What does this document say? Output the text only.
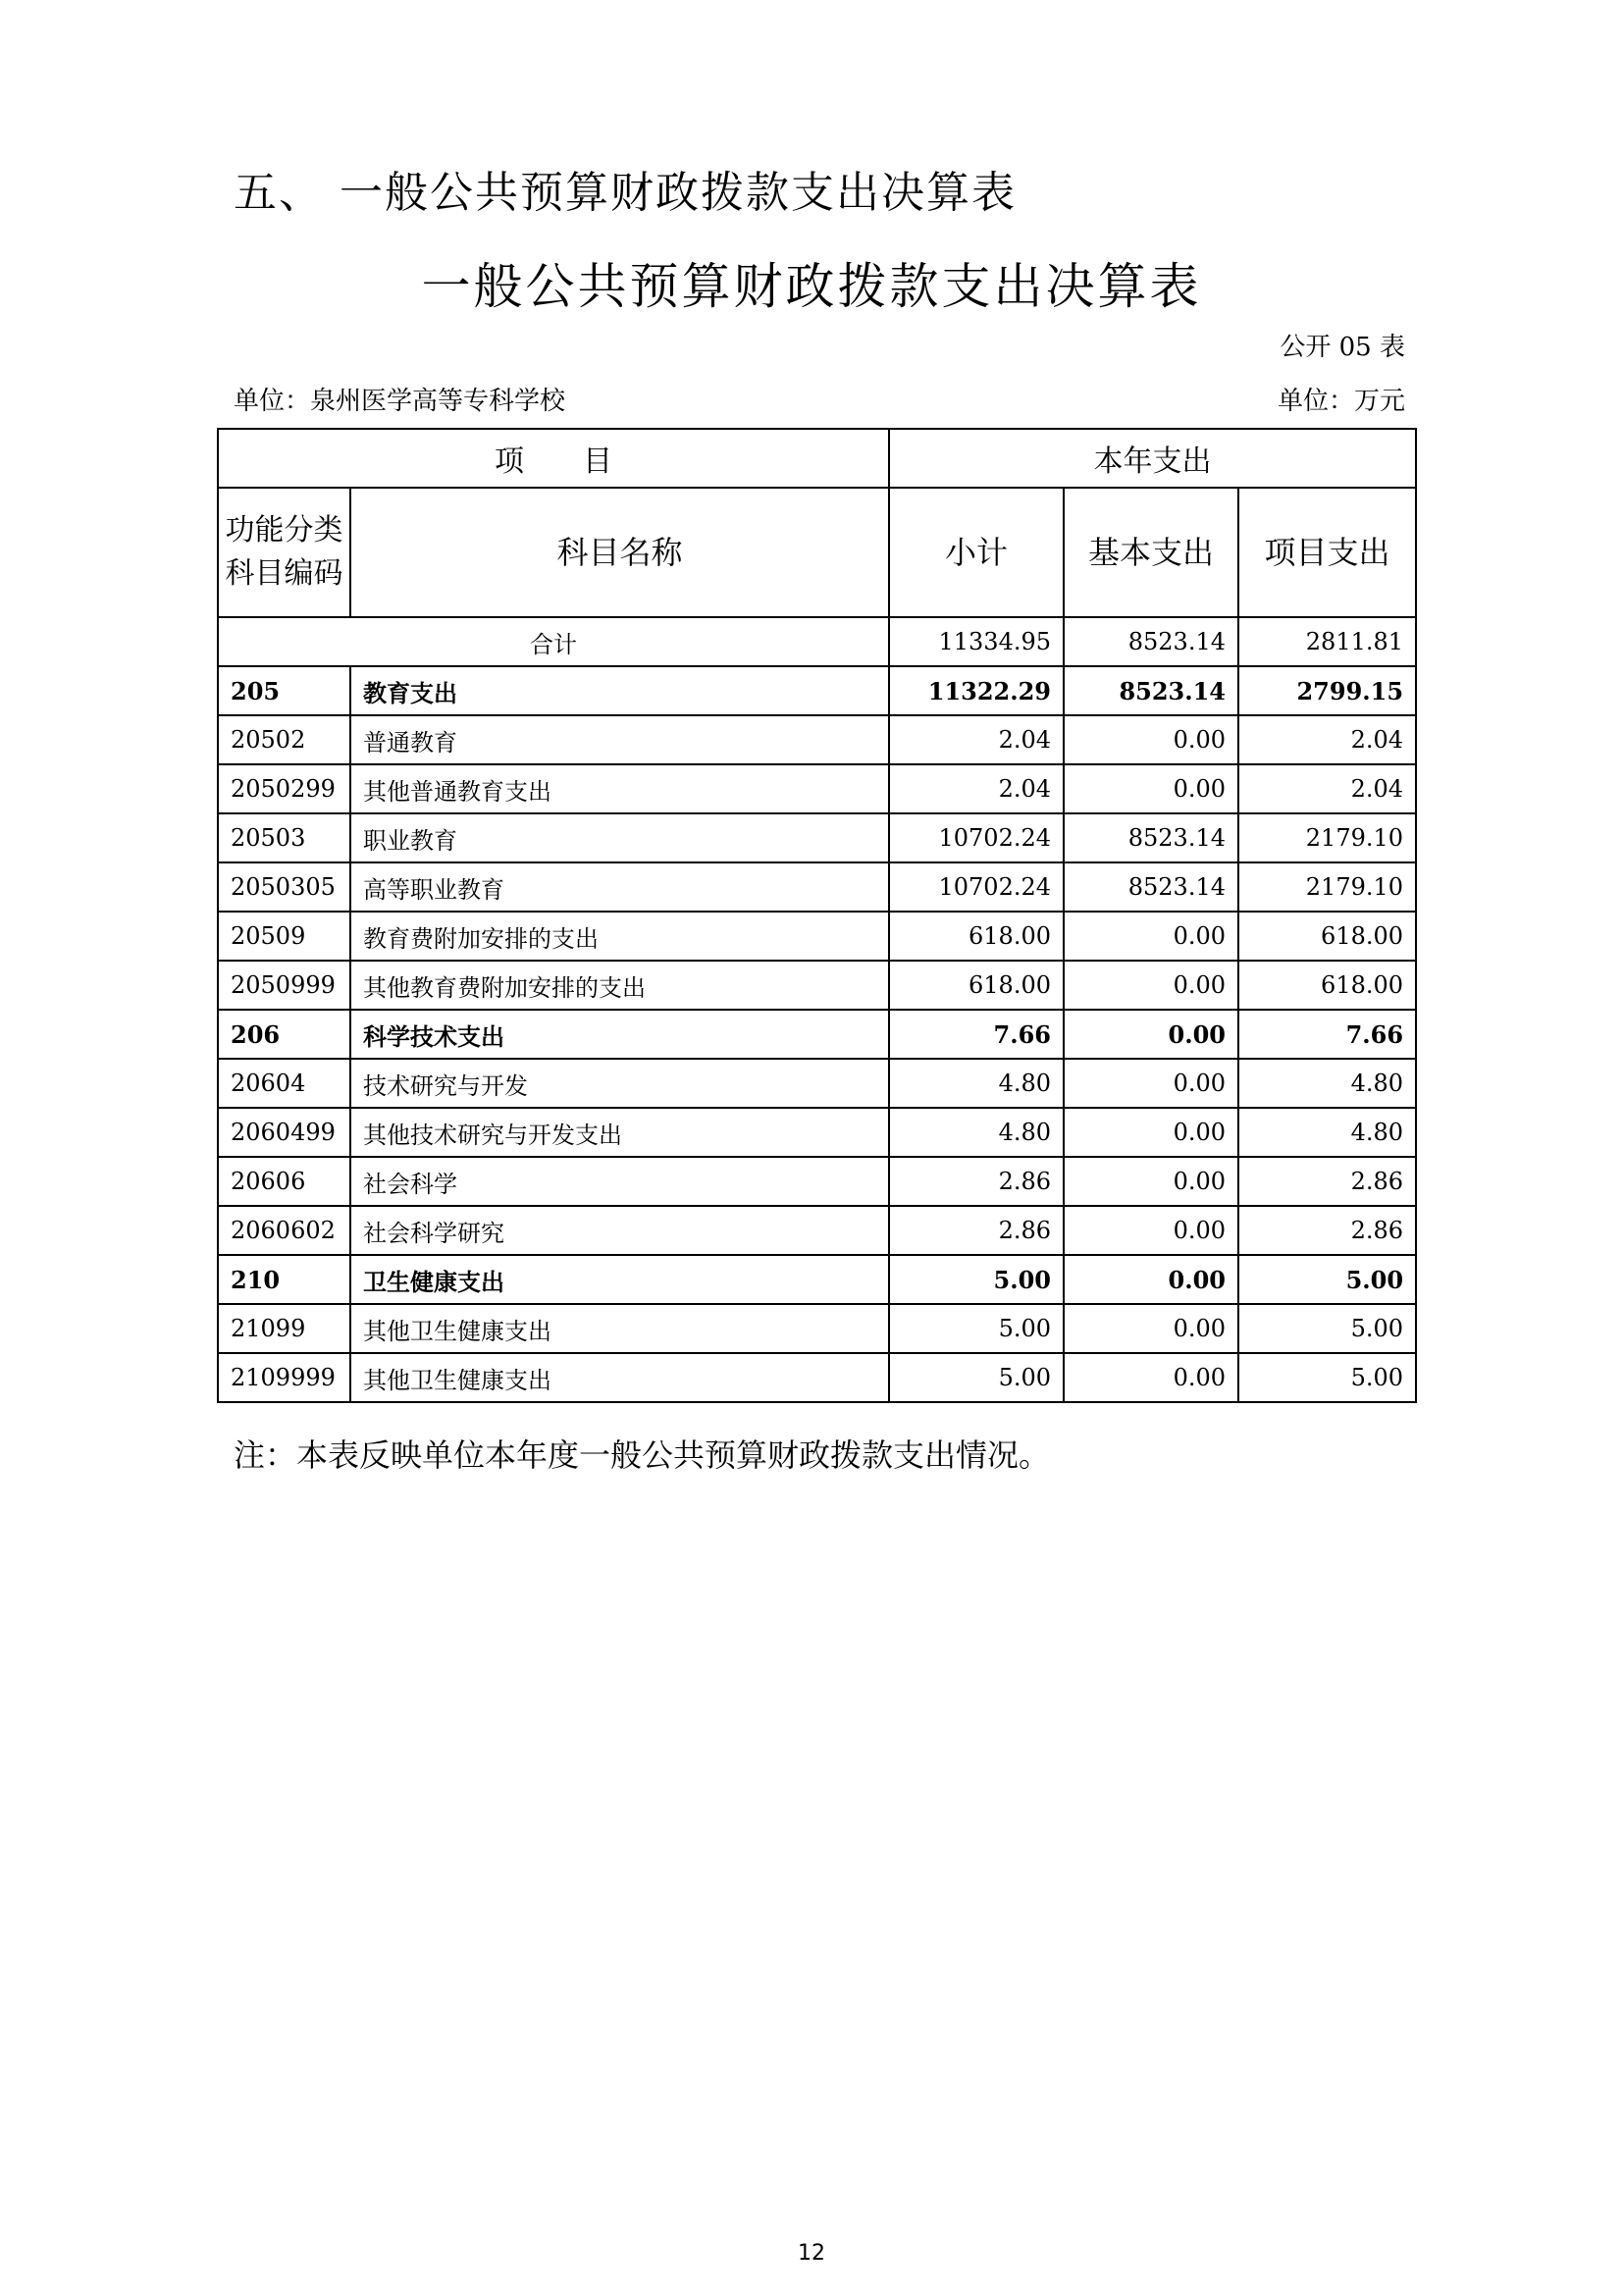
五、 一般公共预算财政拨款支出决算表
一般公共预算财政拨款支出决算表
公开 05 表
单位：泉州医学高等专科学校	单位：万元
项　　目		本年支出		
功能分类科目编码	科目名称	小计	基本支出	项目支出
合计		11334.95	8523.14	2811.81
205	教育支出	11322.29	8523.14	2799.15
20502	普通教育	2.04	0.00	2.04
2050299	其他普通教育支出	2.04	0.00	2.04
20503	职业教育	10702.24	8523.14	2179.10
2050305	高等职业教育	10702.24	8523.14	2179.10
20509	教育费附加安排的支出	618.00	0.00	618.00
2050999	其他教育费附加安排的支出	618.00	0.00	618.00
206	科学技术支出	7.66	0.00	7.66
20604	技术研究与开发	4.80	0.00	4.80
2060499	其他技术研究与开发支出	4.80	0.00	4.80
20606	社会科学	2.86	0.00	2.86
2060602	社会科学研究	2.86	0.00	2.86
210	卫生健康支出	5.00	0.00	5.00
21099	其他卫生健康支出	5.00	0.00	5.00
2109999	其他卫生健康支出	5.00	0.00	5.00
注：本表反映单位本年度一般公共预算财政拨款支出情况。
12
